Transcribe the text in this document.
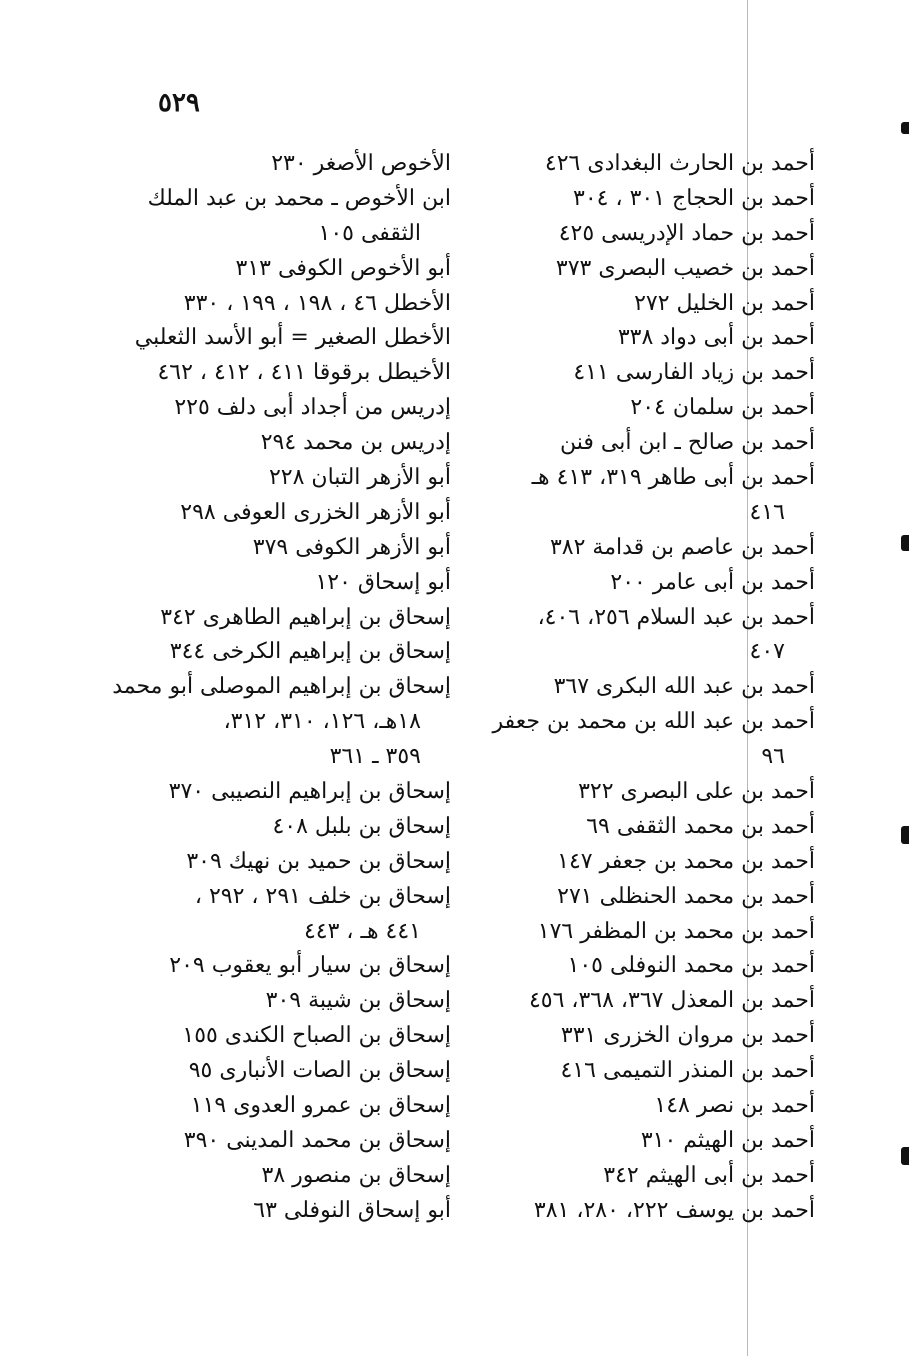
٥٢٩
أحمد بن الحارث البغدادى ٤٢٦
أحمد بن الحجاج ٣٠١ ، ٣٠٤
أحمد بن حماد الإدريسى ٤٢٥
أحمد بن خصيب البصرى ٣٧٣
أحمد بن الخليل ٢٧٢
أحمد بن أبى دواد ٣٣٨
أحمد بن زياد الفارسى ٤١١
أحمد بن سلمان ٢٠٤
أحمد بن صالح ـ ابن أبى فنن
أحمد بن أبى طاهر ٣١٩، ٤١٣ هـ
٤١٦
أحمد بن عاصم بن قدامة ٣٨٢
أحمد بن أبى عامر ٢٠٠
أحمد بن عبد السلام ٢٥٦، ٤٠٦،
٤٠٧
أحمد بن عبد الله البكرى ٣٦٧
أحمد بن عبد الله بن محمد بن جعفر
٩٦
أحمد بن على البصرى ٣٢٢
أحمد بن محمد الثقفى ٦٩
أحمد بن محمد بن جعفر ١٤٧
أحمد بن محمد الحنظلى ٢٧١
أحمد بن محمد بن المظفر ١٧٦
أحمد بن محمد النوفلى ١٠٥
أحمد بن المعذل ٣٦٧، ٣٦٨، ٤٥٦
أحمد بن مروان الخزرى ٣٣١
أحمد بن المنذر التميمى ٤١٦
أحمد بن نصر ١٤٨
أحمد بن الهيثم ٣١٠
أحمد بن أبى الهيثم ٣٤٢
أحمد بن يوسف ٢٢٢، ٢٨٠، ٣٨١
الأخوص الأصغر ٢٣٠
ابن الأخوص ـ محمد بن عبد الملك
الثقفى ١٠٥
أبو الأخوص الكوفى ٣١٣
الأخطل ٤٦ ، ١٩٨ ، ١٩٩ ، ٣٣٠
الأخطل الصغير = أبو الأسد الثعلبي
الأخيطل برقوقا ٤١١ ، ٤١٢ ، ٤٦٢
إدريس من أجداد أبى دلف ٢٢٥
إدريس بن محمد ٢٩٤
أبو الأزهر التبان ٢٢٨
أبو الأزهر الخزرى العوفى ٢٩٨
أبو الأزهر الكوفى ٣٧٩
أبو إسحاق ١٢٠
إسحاق بن إبراهيم الطاهرى ٣٤٢
إسحاق بن إبراهيم الكرخى ٣٤٤
إسحاق بن إبراهيم الموصلى أبو محمد
١٨هـ، ١٢٦، ٣١٠، ٣١٢،
٣٥٩ ـ ٣٦١
إسحاق بن إبراهيم النصيبى ٣٧٠
إسحاق بن بلبل ٤٠٨
إسحاق بن حميد بن نهيك ٣٠٩
إسحاق بن خلف ٢٩١ ، ٢٩٢ ،
٤٤١ هـ ، ٤٤٣
إسحاق بن سيار أبو يعقوب ٢٠٩
إسحاق بن شيبة ٣٠٩
إسحاق بن الصباح الكندى ١٥٥
إسحاق بن الصات الأنبارى ٩٥
إسحاق بن عمرو العدوى ١١٩
إسحاق بن محمد المدينى ٣٩٠
إسحاق بن منصور ٣٨
أبو إسحاق النوفلى ٦٣
